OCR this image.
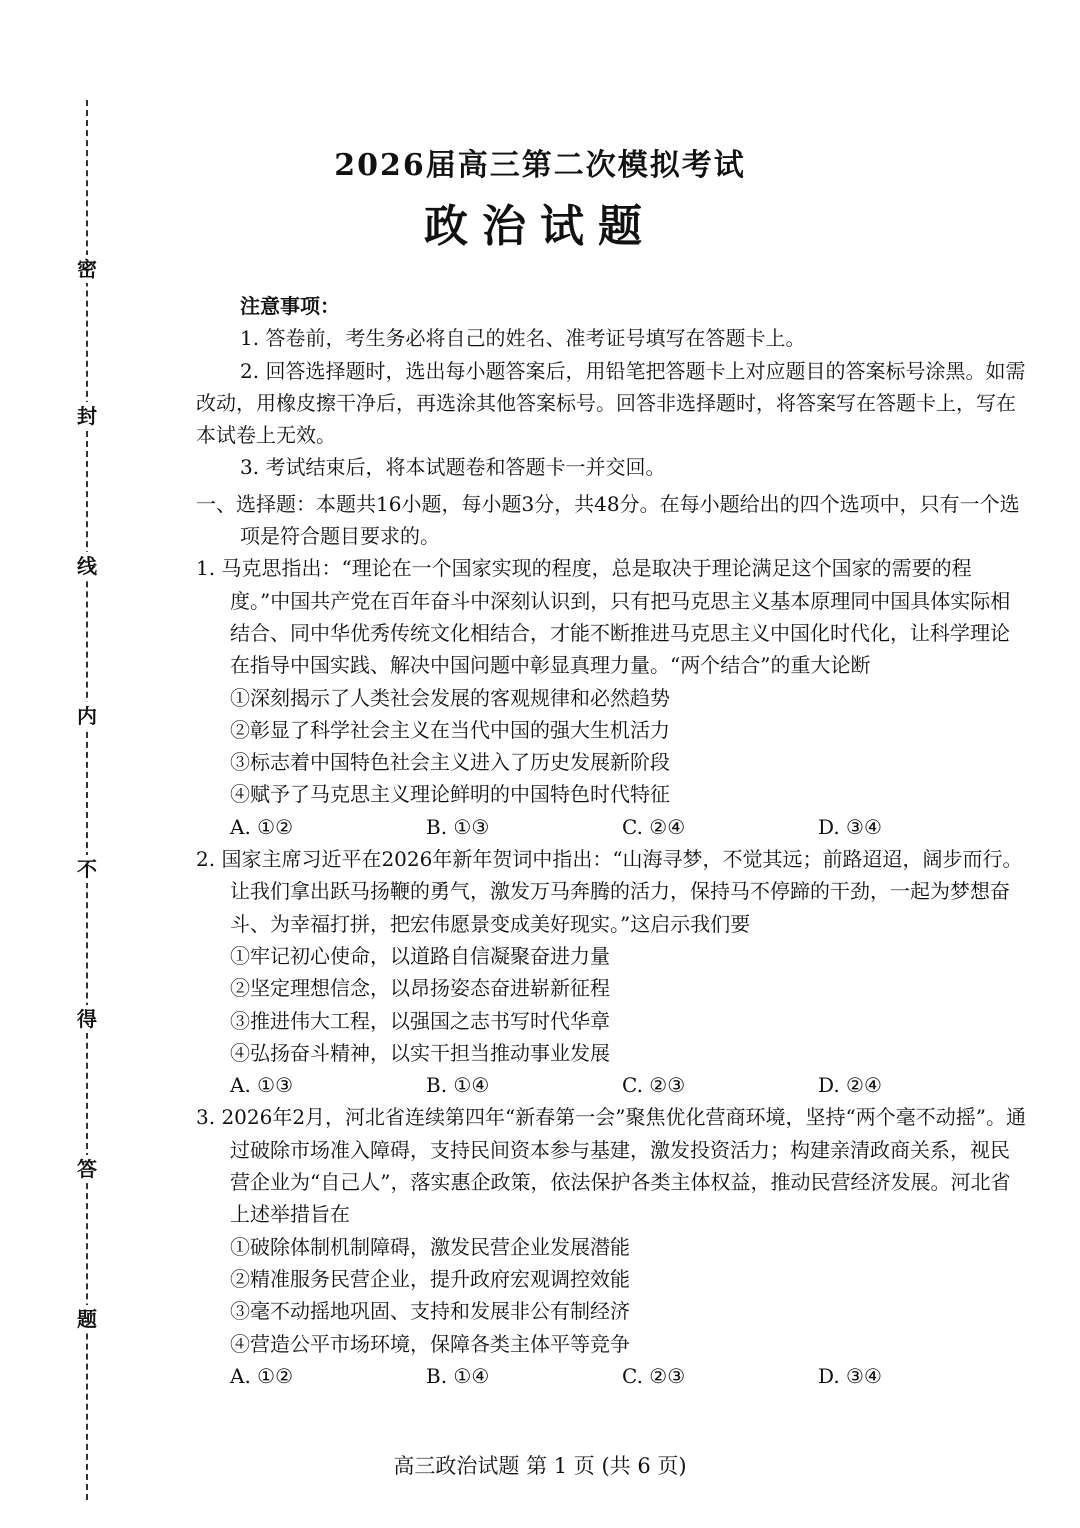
密
封
线
内
不
得
答
题
2026届高三第二次模拟考试
政治试题
注意事项：
1. 答卷前，考生务必将自己的姓名、准考证号填写在答题卡上。
2. 回答选择题时，选出每小题答案后，用铅笔把答题卡上对应题目的答案标号涂黑。如需改动，用橡皮擦干净后，再选涂其他答案标号。回答非选择题时，将答案写在答题卡上，写在本试卷上无效。
3. 考试结束后，将本试题卷和答题卡一并交回。
一、选择题：本题共16小题，每小题3分，共48分。在每小题给出的四个选项中，只有一个选项是符合题目要求的。
1. 马克思指出：“理论在一个国家实现的程度，总是取决于理论满足这个国家的需要的程度。”中国共产党在百年奋斗中深刻认识到，只有把马克思主义基本原理同中国具体实际相结合、同中华优秀传统文化相结合，才能不断推进马克思主义中国化时代化，让科学理论在指导中国实践、解决中国问题中彰显真理力量。“两个结合”的重大论断
①深刻揭示了人类社会发展的客观规律和必然趋势
②彰显了科学社会主义在当代中国的强大生机活力
③标志着中国特色社会主义进入了历史发展新阶段
④赋予了马克思主义理论鲜明的中国特色时代特征
A. ①②	B. ①③	C. ②④	D. ③④
2. 国家主席习近平在2026年新年贺词中指出：“山海寻梦，不觉其远；前路迢迢，阔步而行。让我们拿出跃马扬鞭的勇气，激发万马奔腾的活力，保持马不停蹄的干劲，一起为梦想奋斗、为幸福打拼，把宏伟愿景变成美好现实。”这启示我们要
①牢记初心使命，以道路自信凝聚奋进力量
②坚定理想信念，以昂扬姿态奋进崭新征程
③推进伟大工程，以强国之志书写时代华章
④弘扬奋斗精神，以实干担当推动事业发展
A. ①③	B. ①④	C. ②③	D. ②④
3. 2026年2月，河北省连续第四年“新春第一会”聚焦优化营商环境，坚持“两个毫不动摇”。通过破除市场准入障碍，支持民间资本参与基建，激发投资活力；构建亲清政商关系，视民营企业为“自己人”，落实惠企政策，依法保护各类主体权益，推动民营经济发展。河北省上述举措旨在
①破除体制机制障碍，激发民营企业发展潜能
②精准服务民营企业，提升政府宏观调控效能
③毫不动摇地巩固、支持和发展非公有制经济
④营造公平市场环境，保障各类主体平等竞争
A. ①②	B. ①④	C. ②③	D. ③④
高三政治试题 第 1 页 (共 6 页)
